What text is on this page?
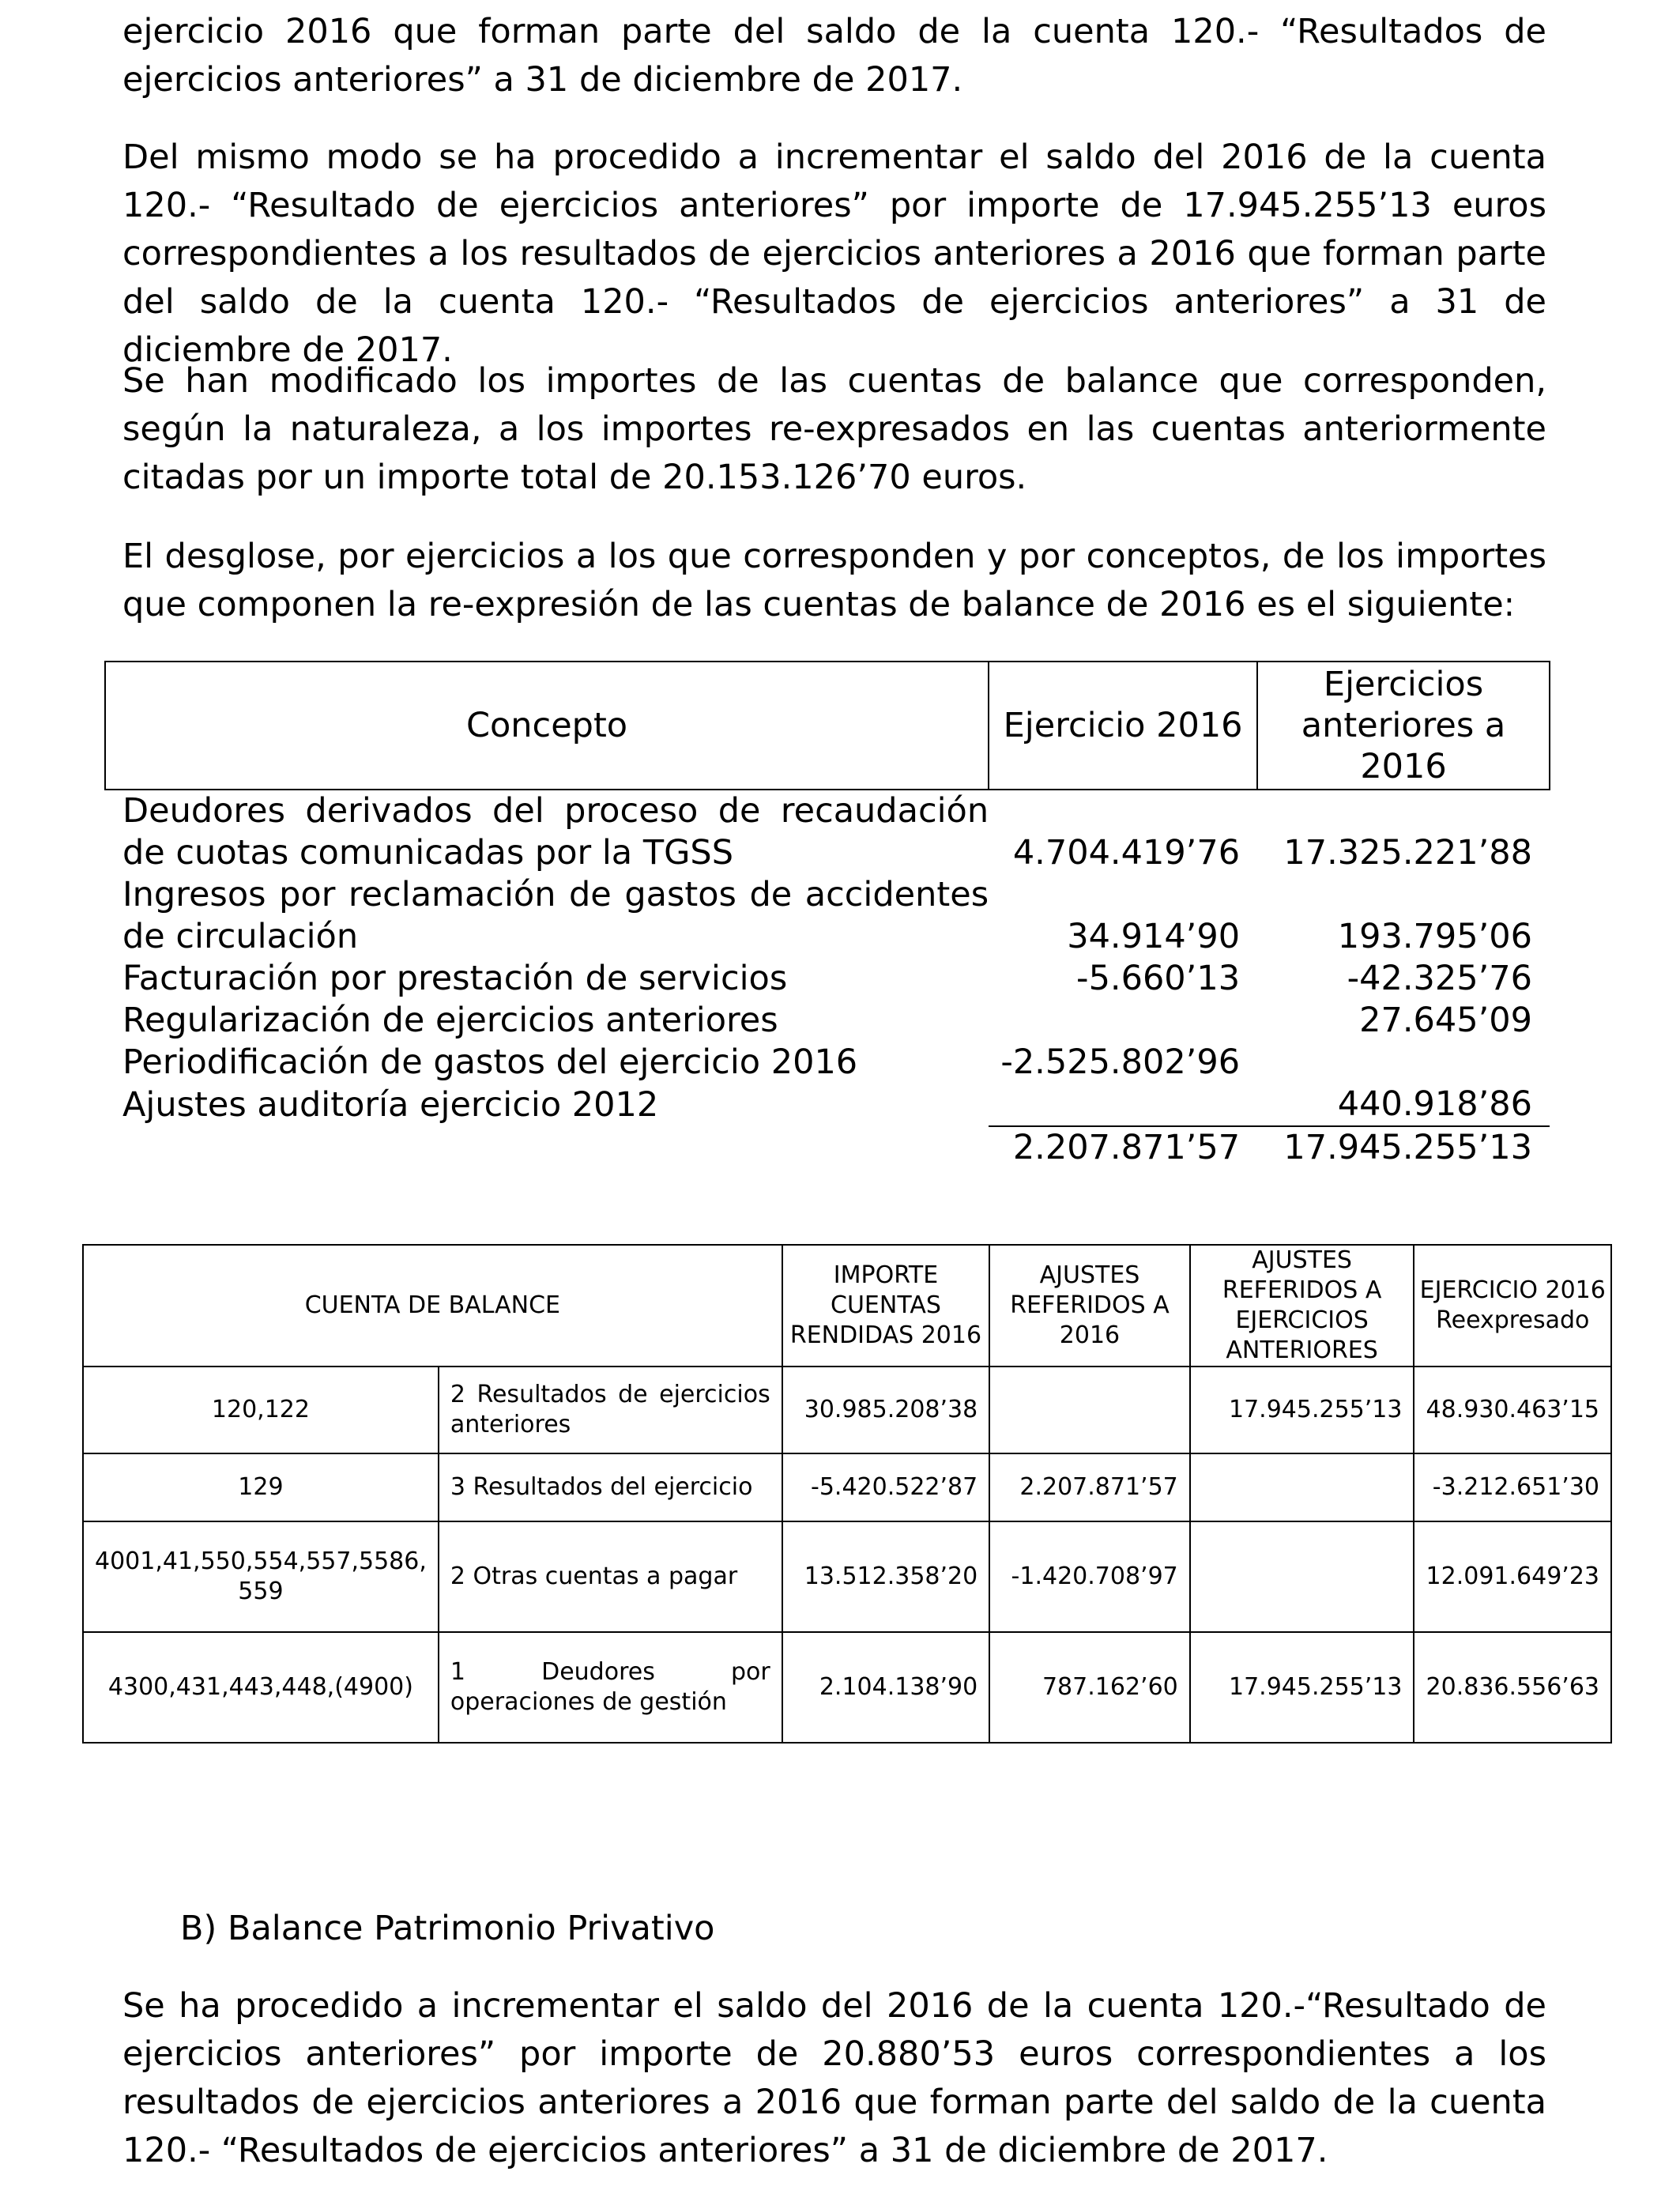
ejercicio 2016 que forman parte del saldo de la cuenta 120.- “Resultados de ejercicios anteriores” a 31 de diciembre de 2017.

Del mismo modo se ha procedido a incrementar el saldo del 2016 de la cuenta 120.- “Resultado de ejercicios anteriores” por importe de 17.945.255’13 euros correspondientes a los resultados de ejercicios anteriores a 2016 que forman parte del saldo de la cuenta 120.- “Resultados de ejercicios anteriores” a 31 de diciembre de 2017.

Se han modificado los importes de las cuentas de balance que corresponden, según la naturaleza, a los importes re-expresados en las cuentas anteriormente citadas por un importe total de 20.153.126’70 euros.

El desglose, por ejercicios a los que corresponden y por conceptos, de los importes que componen la re-expresión de las cuentas de balance de 2016 es el siguiente:

Concepto	Ejercicio 2016	Ejercicios anteriores a 2016
Deudores derivados del proceso de recaudación de cuotas comunicadas por la TGSS	4.704.419’76	17.325.221’88
Ingresos por reclamación de gastos de accidentes de circulación	34.914’90	193.795’06
Facturación por prestación de servicios	-5.660’13	-42.325’76
Regularización de ejercicios anteriores		27.645’09
Periodificación de gastos del ejercicio 2016	-2.525.802’96	
Ajustes auditoría ejercicio 2012		440.918’86
	2.207.871’57	17.945.255’13
CUENTA DE BALANCE		IMPORTE CUENTAS RENDIDAS 2016	AJUSTES REFERIDOS A 2016	AJUSTES REFERIDOS A EJERCICIOS ANTERIORES	EJERCICIO 2016 Reexpresado
120,122	2 Resultados de ejercicios anteriores	30.985.208’38		17.945.255’13	48.930.463’15
129	3 Resultados del ejercicio	-5.420.522’87	2.207.871’57		-3.212.651’30
4001,41,550,554,557,5586, 559	2 Otras cuentas a pagar	13.512.358’20	-1.420.708’97		12.091.649’23
4300,431,443,448,(4900)	1 Deudores por operaciones de gestión	2.104.138’90	787.162’60	17.945.255’13	20.836.556’63
B) Balance Patrimonio Privativo

Se ha procedido a incrementar el saldo del 2016 de la cuenta 120.-“Resultado de ejercicios anteriores” por importe de 20.880’53 euros correspondientes a los resultados de ejercicios anteriores a 2016 que forman parte del saldo de la cuenta 120.- “Resultados de ejercicios anteriores” a 31 de diciembre de 2017.
